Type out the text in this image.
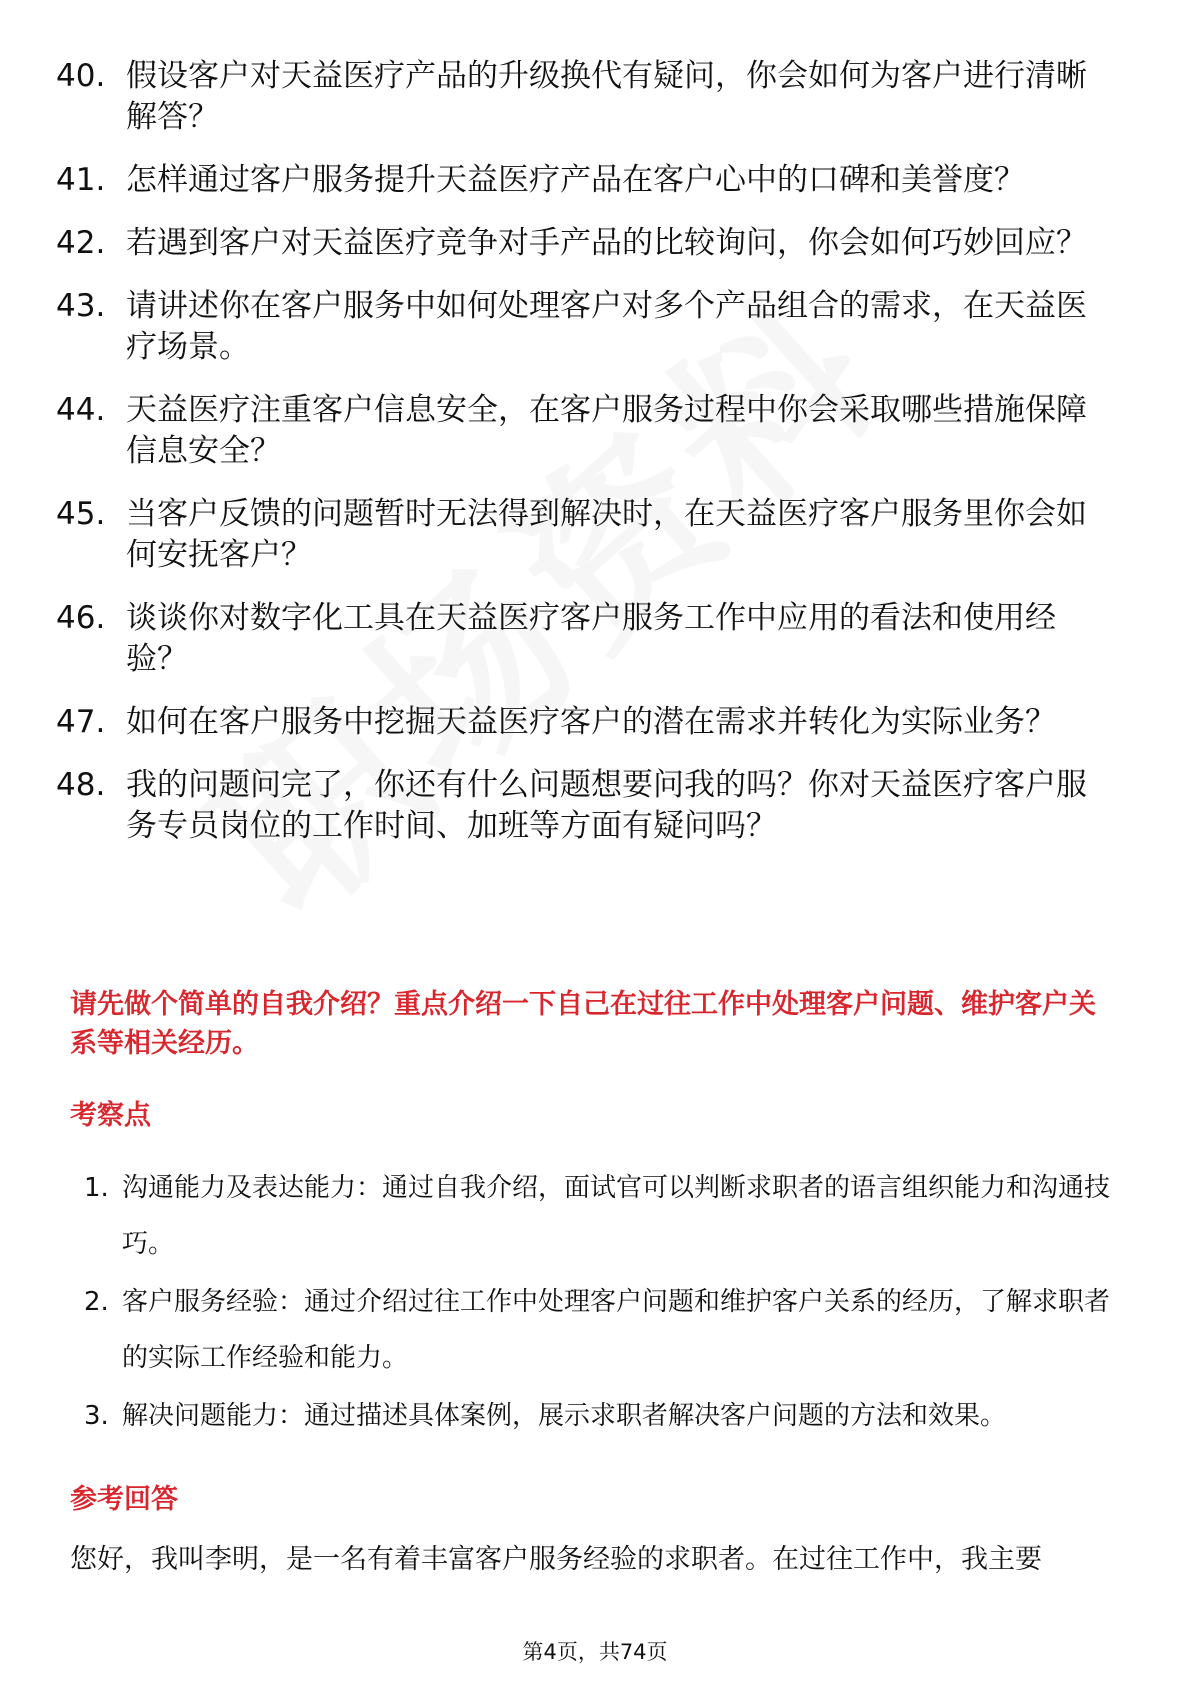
40. 假设客户对天益医疗产品的升级换代有疑问，你会如何为客户进行清晰解答？
41. 怎样通过客户服务提升天益医疗产品在客户心中的口碑和美誉度？
42. 若遇到客户对天益医疗竞争对手产品的比较询问，你会如何巧妙回应？
43. 请讲述你在客户服务中如何处理客户对多个产品组合的需求，在天益医疗场景。
44. 天益医疗注重客户信息安全，在客户服务过程中你会采取哪些措施保障信息安全？
45. 当客户反馈的问题暂时无法得到解决时，在天益医疗客户服务里你会如何安抚客户？
46. 谈谈你对数字化工具在天益医疗客户服务工作中应用的看法和使用经验？
47. 如何在客户服务中挖掘天益医疗客户的潜在需求并转化为实际业务？
48. 我的问题问完了，你还有什么问题想要问我的吗？你对天益医疗客户服务专员岗位的工作时间、加班等方面有疑问吗？

请先做个简单的自我介绍？重点介绍一下自己在过往工作中处理客户问题、维护客户关系等相关经历。

考察点

1. 沟通能力及表达能力：通过自我介绍，面试官可以判断求职者的语言组织能力和沟通技巧。
2. 客户服务经验：通过介绍过往工作中处理客户问题和维护客户关系的经历，了解求职者的实际工作经验和能力。
3. 解决问题能力：通过描述具体案例，展示求职者解决客户问题的方法和效果。

参考回答

您好，我叫李明，是一名有着丰富客户服务经验的求职者。在过往工作中，我主要

第4页，共74页
